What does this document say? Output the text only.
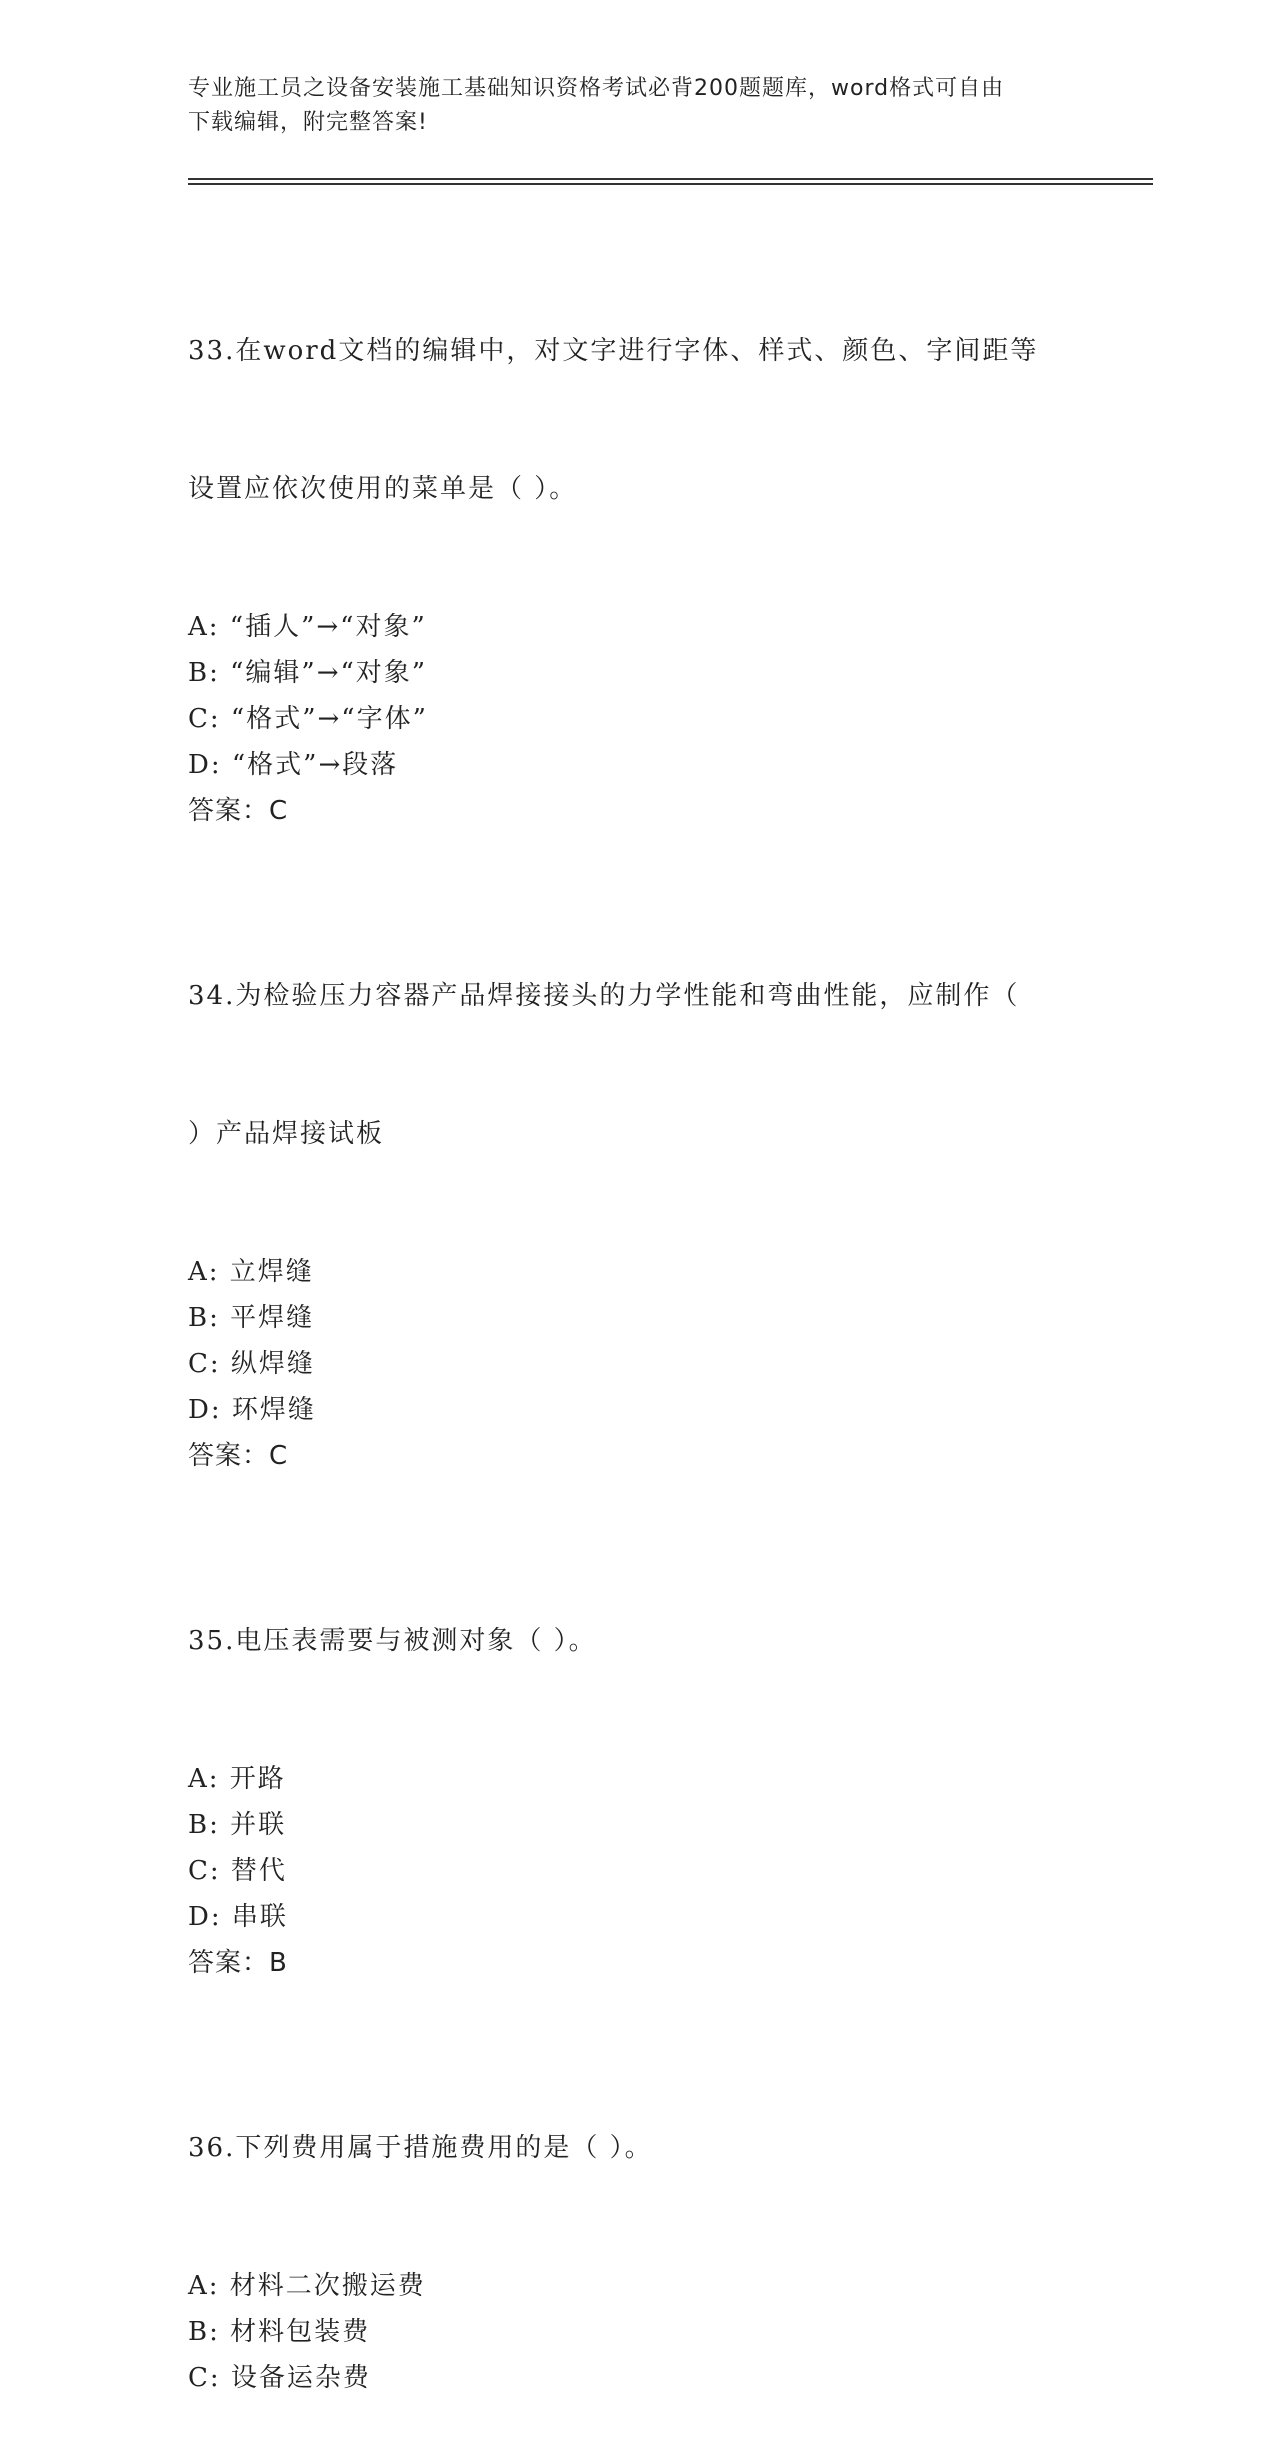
专业施工员之设备安装施工基础知识资格考试必背200题题库，word格式可自由
下载编辑，附完整答案!

33.在word文档的编辑中，对文字进行字体、样式、颜色、字间距等

设置应依次使用的菜单是（ ）。

A: “插人”→“对象”
B: “编辑”→“对象”
C: “格式”→“字体”
D: “格式”→段落
答案：C

34.为检验压力容器产品焊接接头的力学性能和弯曲性能，应制作（

）产品焊接试板

A: 立焊缝
B: 平焊缝
C: 纵焊缝
D: 环焊缝
答案：C

35.电压表需要与被测对象（ ）。

A: 开路
B: 并联
C: 替代
D: 串联
答案：B

36.下列费用属于措施费用的是（ ）。

A: 材料二次搬运费
B: 材料包装费
C: 设备运杂费
